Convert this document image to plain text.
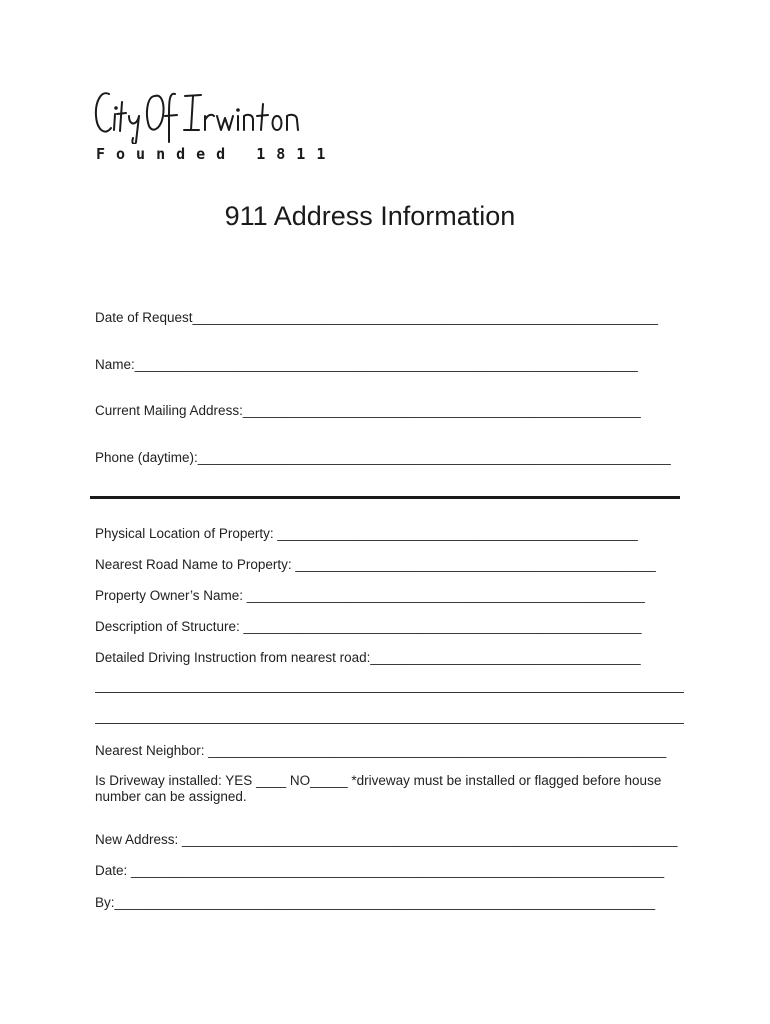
Founded 1811
911 Address Information
Date of Request______________________________________________________________
Name:___________________________________________________________________
Current Mailing Address:_____________________________________________________
Phone (daytime):_______________________________________________________________
Physical Location of Property: ________________________________________________
Nearest Road Name to Property: ________________________________________________
Property Owner’s Name: _____________________________________________________
Description of Structure: _____________________________________________________
Detailed Driving Instruction from nearest road:____________________________________
Nearest Neighbor: _____________________________________________________________
Is Driveway installed: YES ____ NO_____ *driveway must be installed or flagged before house number can be assigned.
New Address: __________________________________________________________________
Date: _______________________________________________________________________
By:________________________________________________________________________
